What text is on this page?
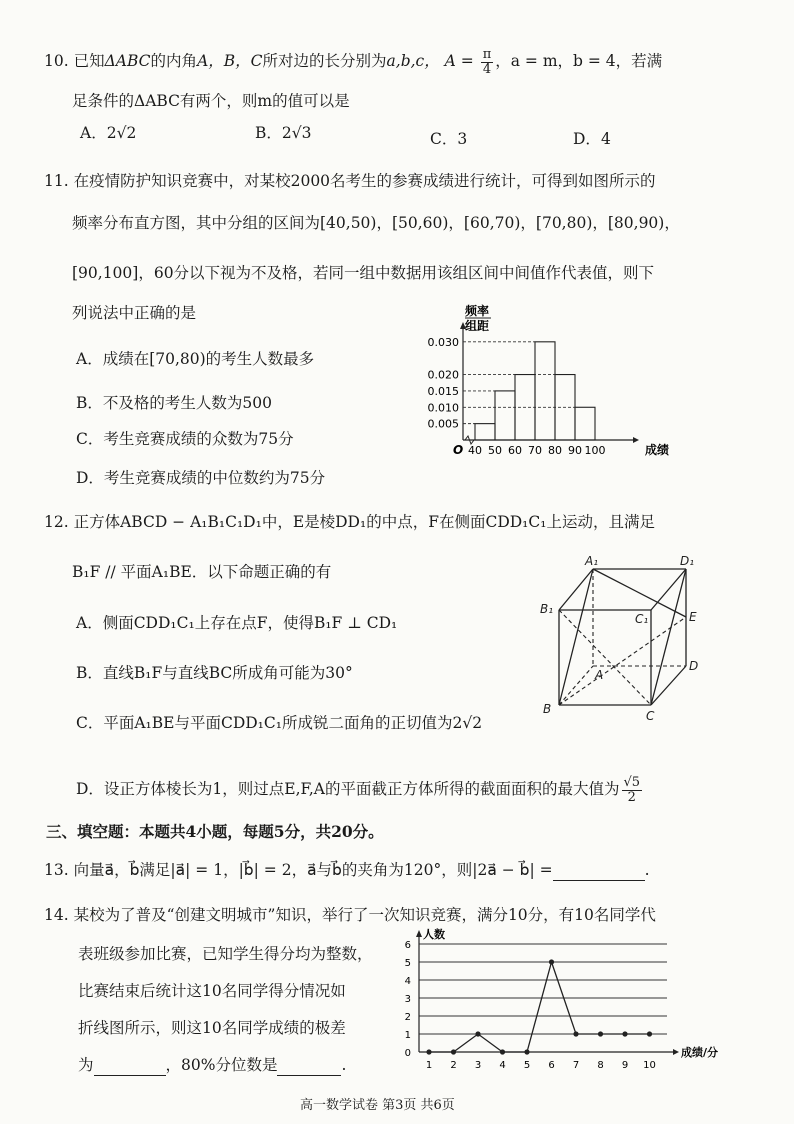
10. 已知ΔABC的内角A，B，C所对边的长分别为a,b,c， $A = \frac{\pi}{4}$ ，a = m，b = 4，若满
足条件的ΔABC有两个，则m的值可以是
A．2√2	B．2√3	C．3	D．4
11. 在疫情防护知识竞赛中，对某校2000名考生的参赛成绩进行统计，可得到如图所示的
频率分布直方图，其中分组的区间为[40,50)，[50,60)，[60,70)，[70,80)，[80,90)，
[90,100]，60分以下视为不及格，若同一组中数据用该组区间中间值作代表值，则下
列说法中正确的是
A．成绩在[70,80)的考生人数最多
B．不及格的考生人数为500
C．考生竞赛成绩的众数为75分
D．考生竞赛成绩的中位数约为75分
频率
组距
0.005
0.010
0.015
0.020
0.030
40 50 60 70 80 90 100
O	成绩
12. 正方体ABCD − A₁B₁C₁D₁中，E是棱DD₁的中点，F在侧面CDD₁C₁上运动，且满足
B₁F // 平面A₁BE．以下命题正确的有
A．侧面CDD₁C₁上存在点F，使得B₁F ⊥ CD₁
B．直线B₁F与直线BC所成角可能为30°
C．平面A₁BE与平面CDD₁C₁所成锐二面角的正切值为2√2
D．设正方体棱长为1，则过点E,F,A的平面截正方体所得的截面面积的最大值为 $\frac{√5}{2}$
A₁	D₁
B₁
C₁	E
D
A
B	C
三、填空题：本题共4小题，每题5分，共20分。
13. 向量a⃗，b⃗满足|a⃗| = 1，|b⃗| = 2，a⃗与b⃗的夹角为120°，则|2a⃗ − b⃗| =	.
14. 某校为了普及“创建文明城市”知识，举行了一次知识竞赛，满分10分，有10名同学代
表班级参加比赛，已知学生得分均为整数，
比赛结束后统计这10名同学得分情况如
折线图所示，则这10名同学成绩的极差
为	，80%分位数是	.
0
1
2
3
4
5
6
人数
成绩/分
1 2 3 4 5 6 7 8 9 10
高一数学试卷 第3页 共6页
